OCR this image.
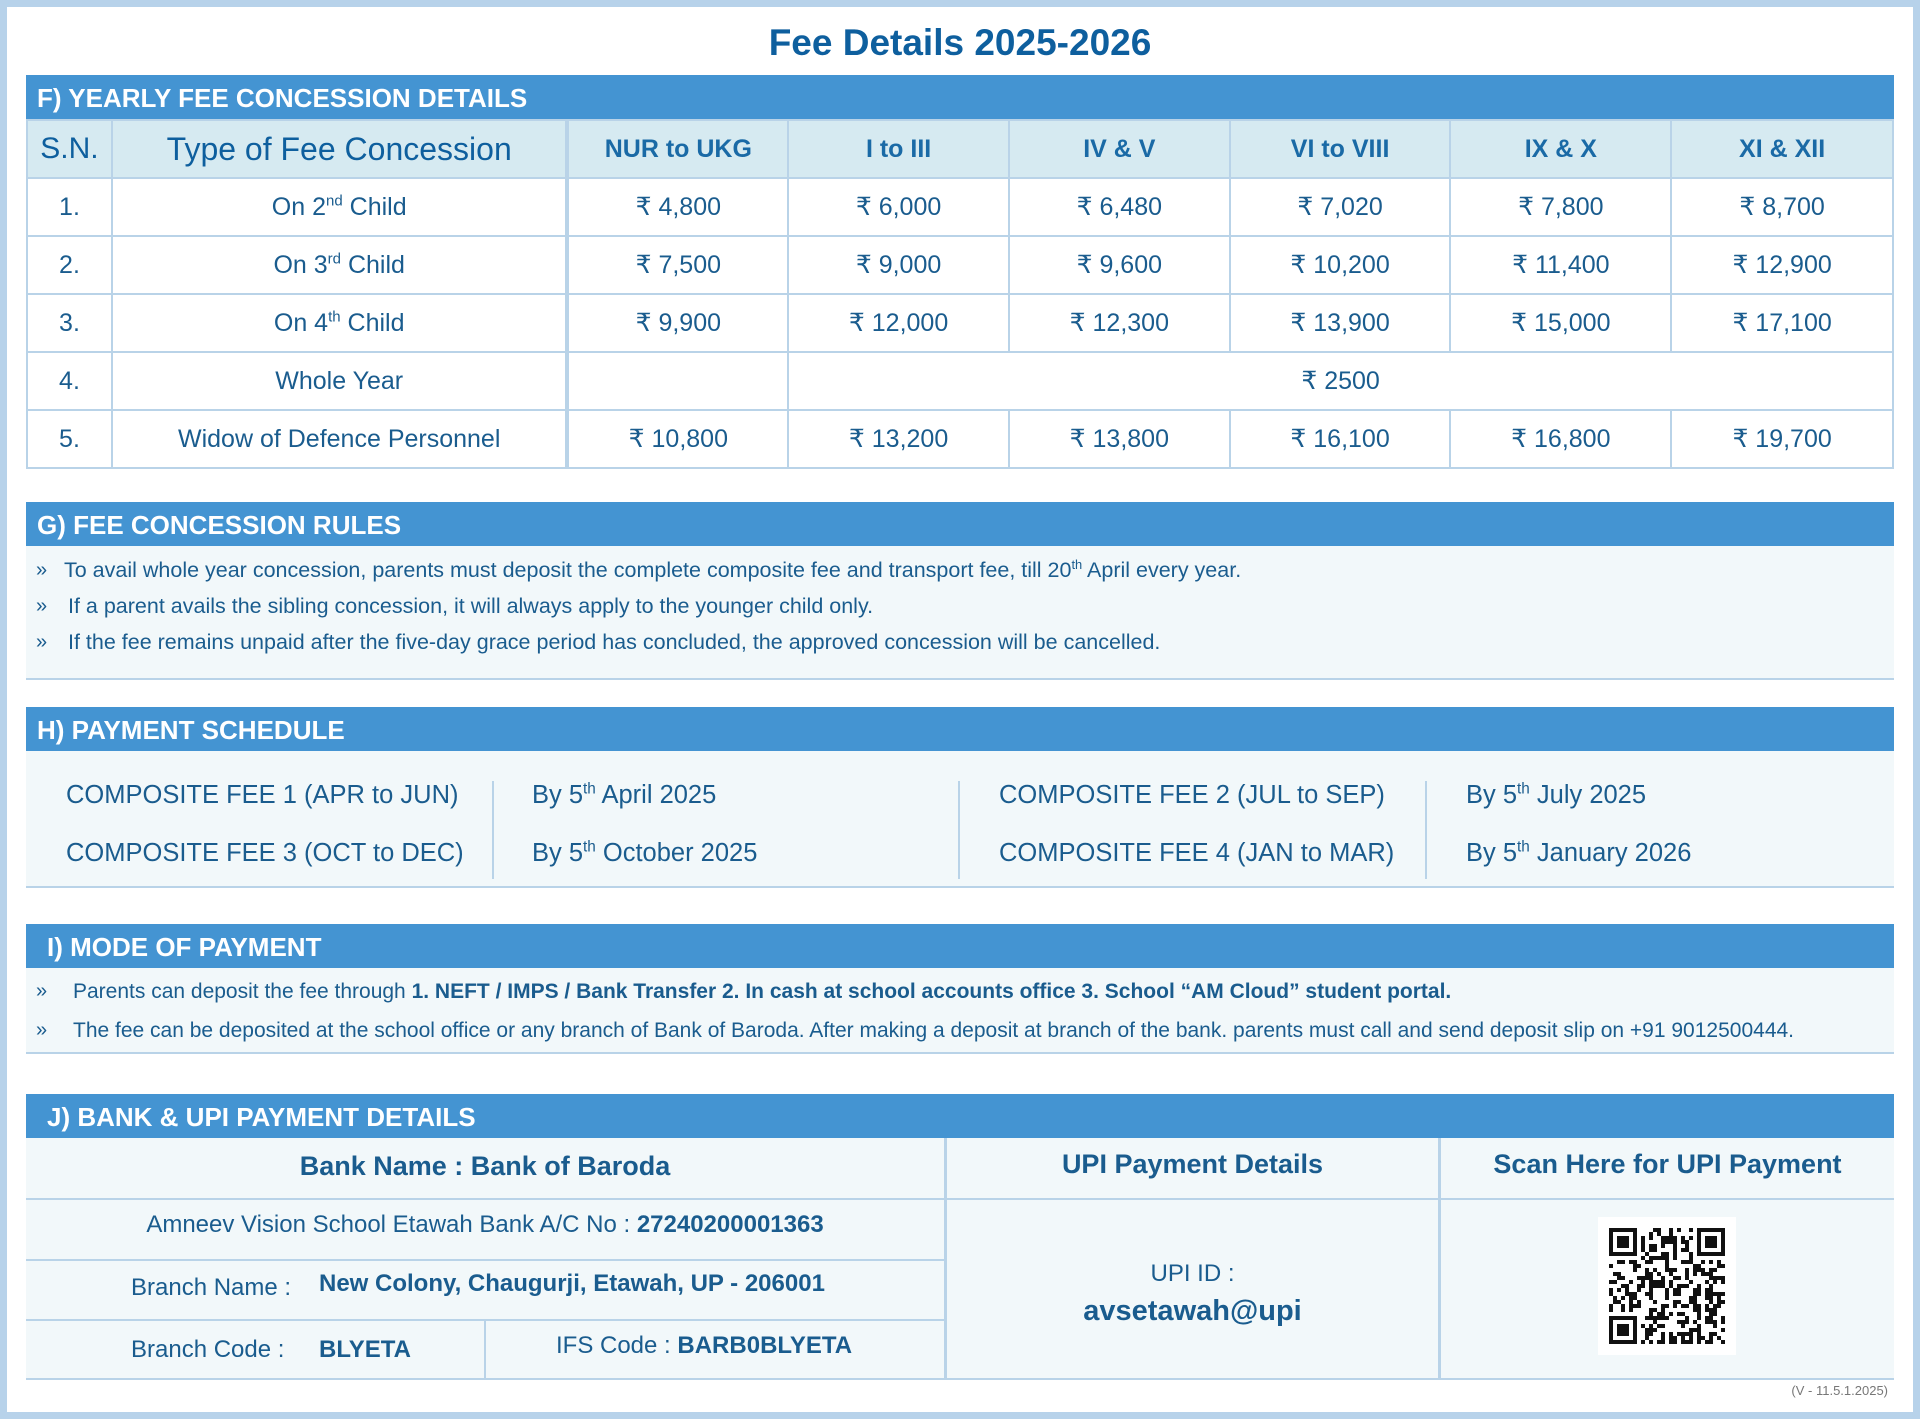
Fee Details 2025-2026
F) YEARLY FEE CONCESSION DETAILS
S.N.	Type of Fee Concession	NUR to UKG	I to III	IV & V	VI to VIII	IX & X	XI & XII
1.	On 2nd Child	₹ 4,800	₹ 6,000	₹ 6,480	₹ 7,020	₹ 7,800	₹ 8,700
2.	On 3rd Child	₹ 7,500	₹ 9,000	₹ 9,600	₹ 10,200	₹ 11,400	₹ 12,900
3.	On 4th Child	₹ 9,900	₹ 12,000	₹ 12,300	₹ 13,900	₹ 15,000	₹ 17,100
4.	Whole Year		₹ 2500				
5.	Widow of Defence Personnel	₹ 10,800	₹ 13,200	₹ 13,800	₹ 16,100	₹ 16,800	₹ 19,700
G) FEE CONCESSION RULES
» To avail whole year concession, parents must deposit the complete composite fee and transport fee, till 20th April every year.
» If a parent avails the sibling concession, it will always apply to the younger child only.
» If the fee remains unpaid after the five-day grace period has concluded, the approved concession will be cancelled.
H) PAYMENT SCHEDULE
COMPOSITE FEE 1 (APR to JUN)	By 5th April 2025	COMPOSITE FEE 2 (JUL to SEP)	By 5th July 2025
COMPOSITE FEE 3 (OCT to DEC)	By 5th October 2025	COMPOSITE FEE 4 (JAN to MAR)	By 5th January 2026
I) MODE OF PAYMENT
» Parents can deposit the fee through 1. NEFT / IMPS / Bank Transfer 2. In cash at school accounts office 3. School “AM Cloud” student portal.
» The fee can be deposited at the school office or any branch of Bank of Baroda. After making a deposit at branch of the bank. parents must call and send deposit slip on +91 9012500444.
J) BANK & UPI PAYMENT DETAILS
Bank Name : Bank of Baroda
Amneev Vision School Etawah Bank A/C No : 27240200001363
Branch Name : New Colony, Chaugurji, Etawah, UP - 206001
Branch Code : BLYETA	IFS Code : BARB0BLYETA
UPI Payment Details
UPI ID :
avsetawah@upi
Scan Here for UPI Payment
(V - 11.5.1.2025)
